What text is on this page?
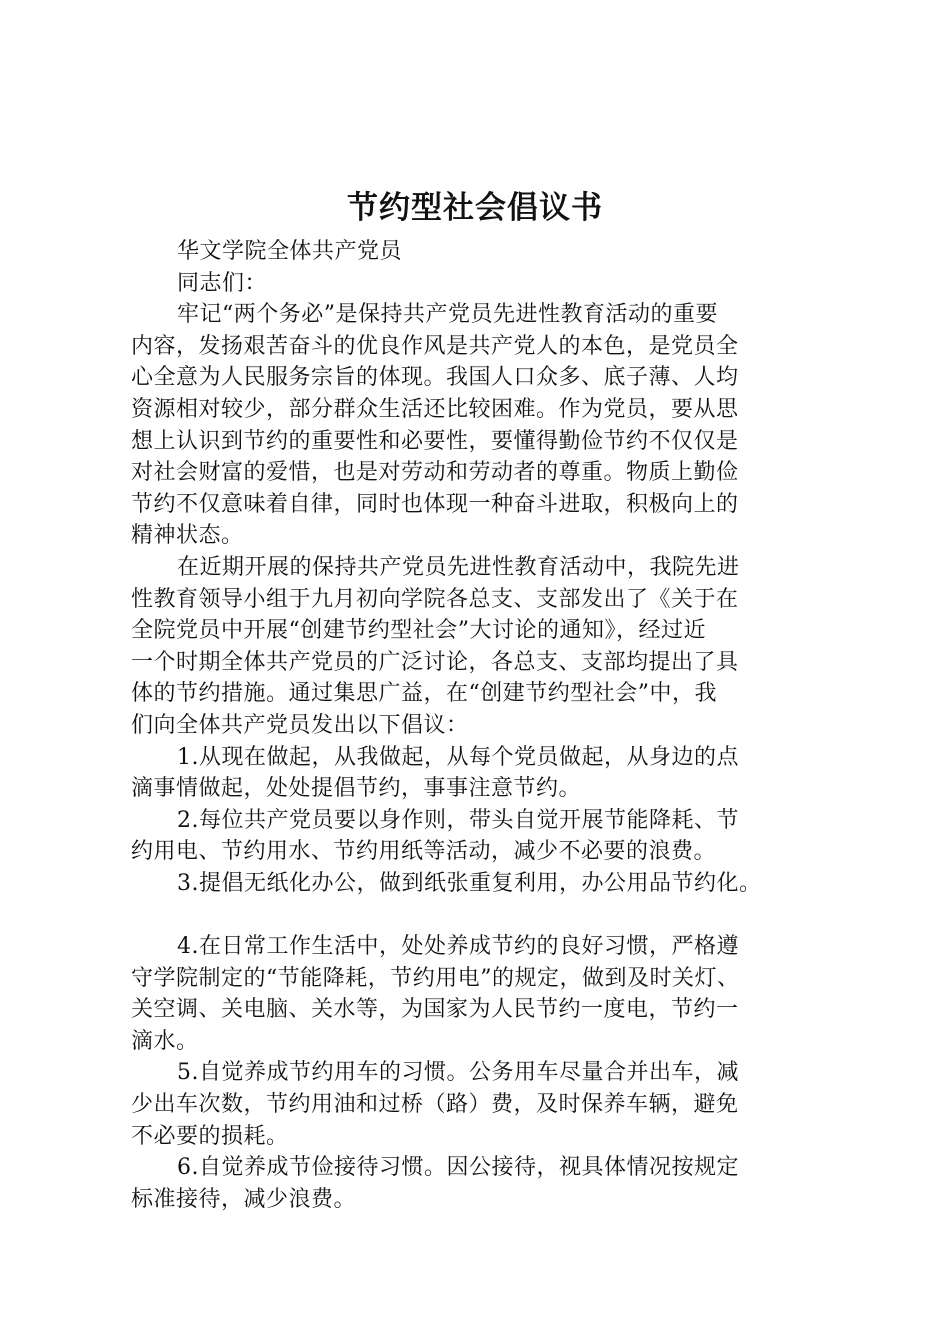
节约型社会倡议书
华文学院全体共产党员
同志们：
牢记“两个务必”是保持共产党员先进性教育活动的重要
内容，发扬艰苦奋斗的优良作风是共产党人的本色，是党员全
心全意为人民服务宗旨的体现。我国人口众多、底子薄、人均
资源相对较少，部分群众生活还比较困难。作为党员，要从思
想上认识到节约的重要性和必要性，要懂得勤俭节约不仅仅是
对社会财富的爱惜，也是对劳动和劳动者的尊重。物质上勤俭
节约不仅意味着自律，同时也体现一种奋斗进取，积极向上的
精神状态。
在近期开展的保持共产党员先进性教育活动中，我院先进
性教育领导小组于九月初向学院各总支、支部发出了《关于在
全院党员中开展“创建节约型社会”大讨论的通知》，经过近
一个时期全体共产党员的广泛讨论，各总支、支部均提出了具
体的节约措施。通过集思广益，在“创建节约型社会”中，我
们向全体共产党员发出以下倡议：
1.从现在做起，从我做起，从每个党员做起，从身边的点
滴事情做起，处处提倡节约，事事注意节约。
2.每位共产党员要以身作则，带头自觉开展节能降耗、节
约用电、节约用水、节约用纸等活动，减少不必要的浪费。
3.提倡无纸化办公，做到纸张重复利用，办公用品节约化。
4.在日常工作生活中，处处养成节约的良好习惯，严格遵
守学院制定的“节能降耗，节约用电”的规定，做到及时关灯、
关空调、关电脑、关水等，为国家为人民节约一度电，节约一
滴水。
5.自觉养成节约用车的习惯。公务用车尽量合并出车，减
少出车次数，节约用油和过桥（路）费，及时保养车辆，避免
不必要的损耗。
6.自觉养成节俭接待习惯。因公接待，视具体情况按规定
标准接待，减少浪费。
